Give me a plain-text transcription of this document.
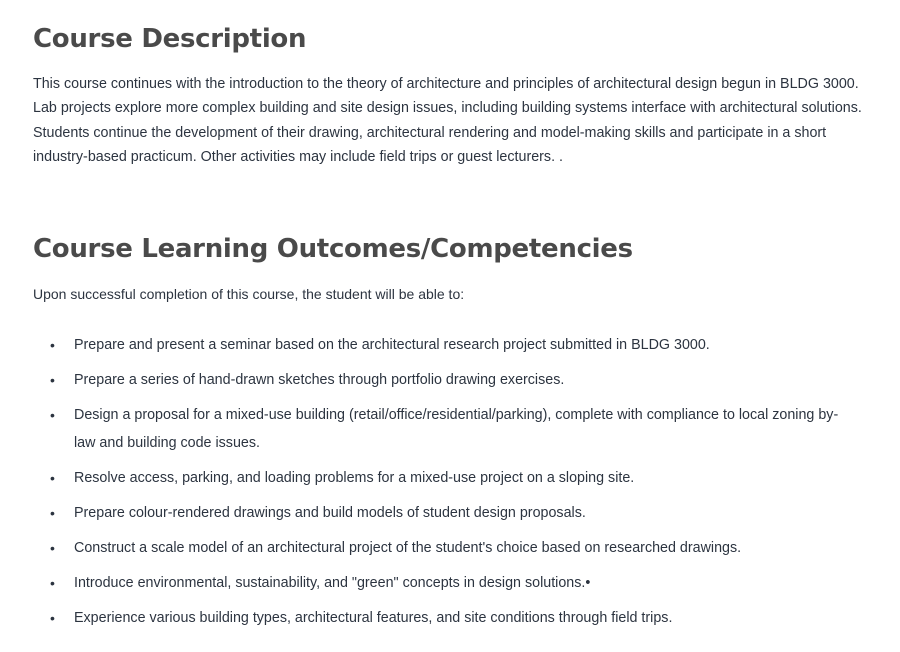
Course Description

This course continues with the introduction to the theory of architecture and principles of architectural design begun in BLDG 3000. Lab projects explore more complex building and site design issues, including building systems interface with architectural solutions. Students continue the development of their drawing, architectural rendering and model-making skills and participate in a short industry-based practicum. Other activities may include field trips or guest lecturers. .

Course Learning Outcomes/Competencies

Upon successful completion of this course, the student will be able to:

• Prepare and present a seminar based on the architectural research project submitted in BLDG 3000.
• Prepare a series of hand-drawn sketches through portfolio drawing exercises.
• Design a proposal for a mixed-use building (retail/office/residential/parking), complete with compliance to local zoning by-law and building code issues.
• Resolve access, parking, and loading problems for a mixed-use project on a sloping site.
• Prepare colour-rendered drawings and build models of student design proposals.
• Construct a scale model of an architectural project of the student's choice based on researched drawings.
• Introduce environmental, sustainability, and "green" concepts in design solutions.•
• Experience various building types, architectural features, and site conditions through field trips.
